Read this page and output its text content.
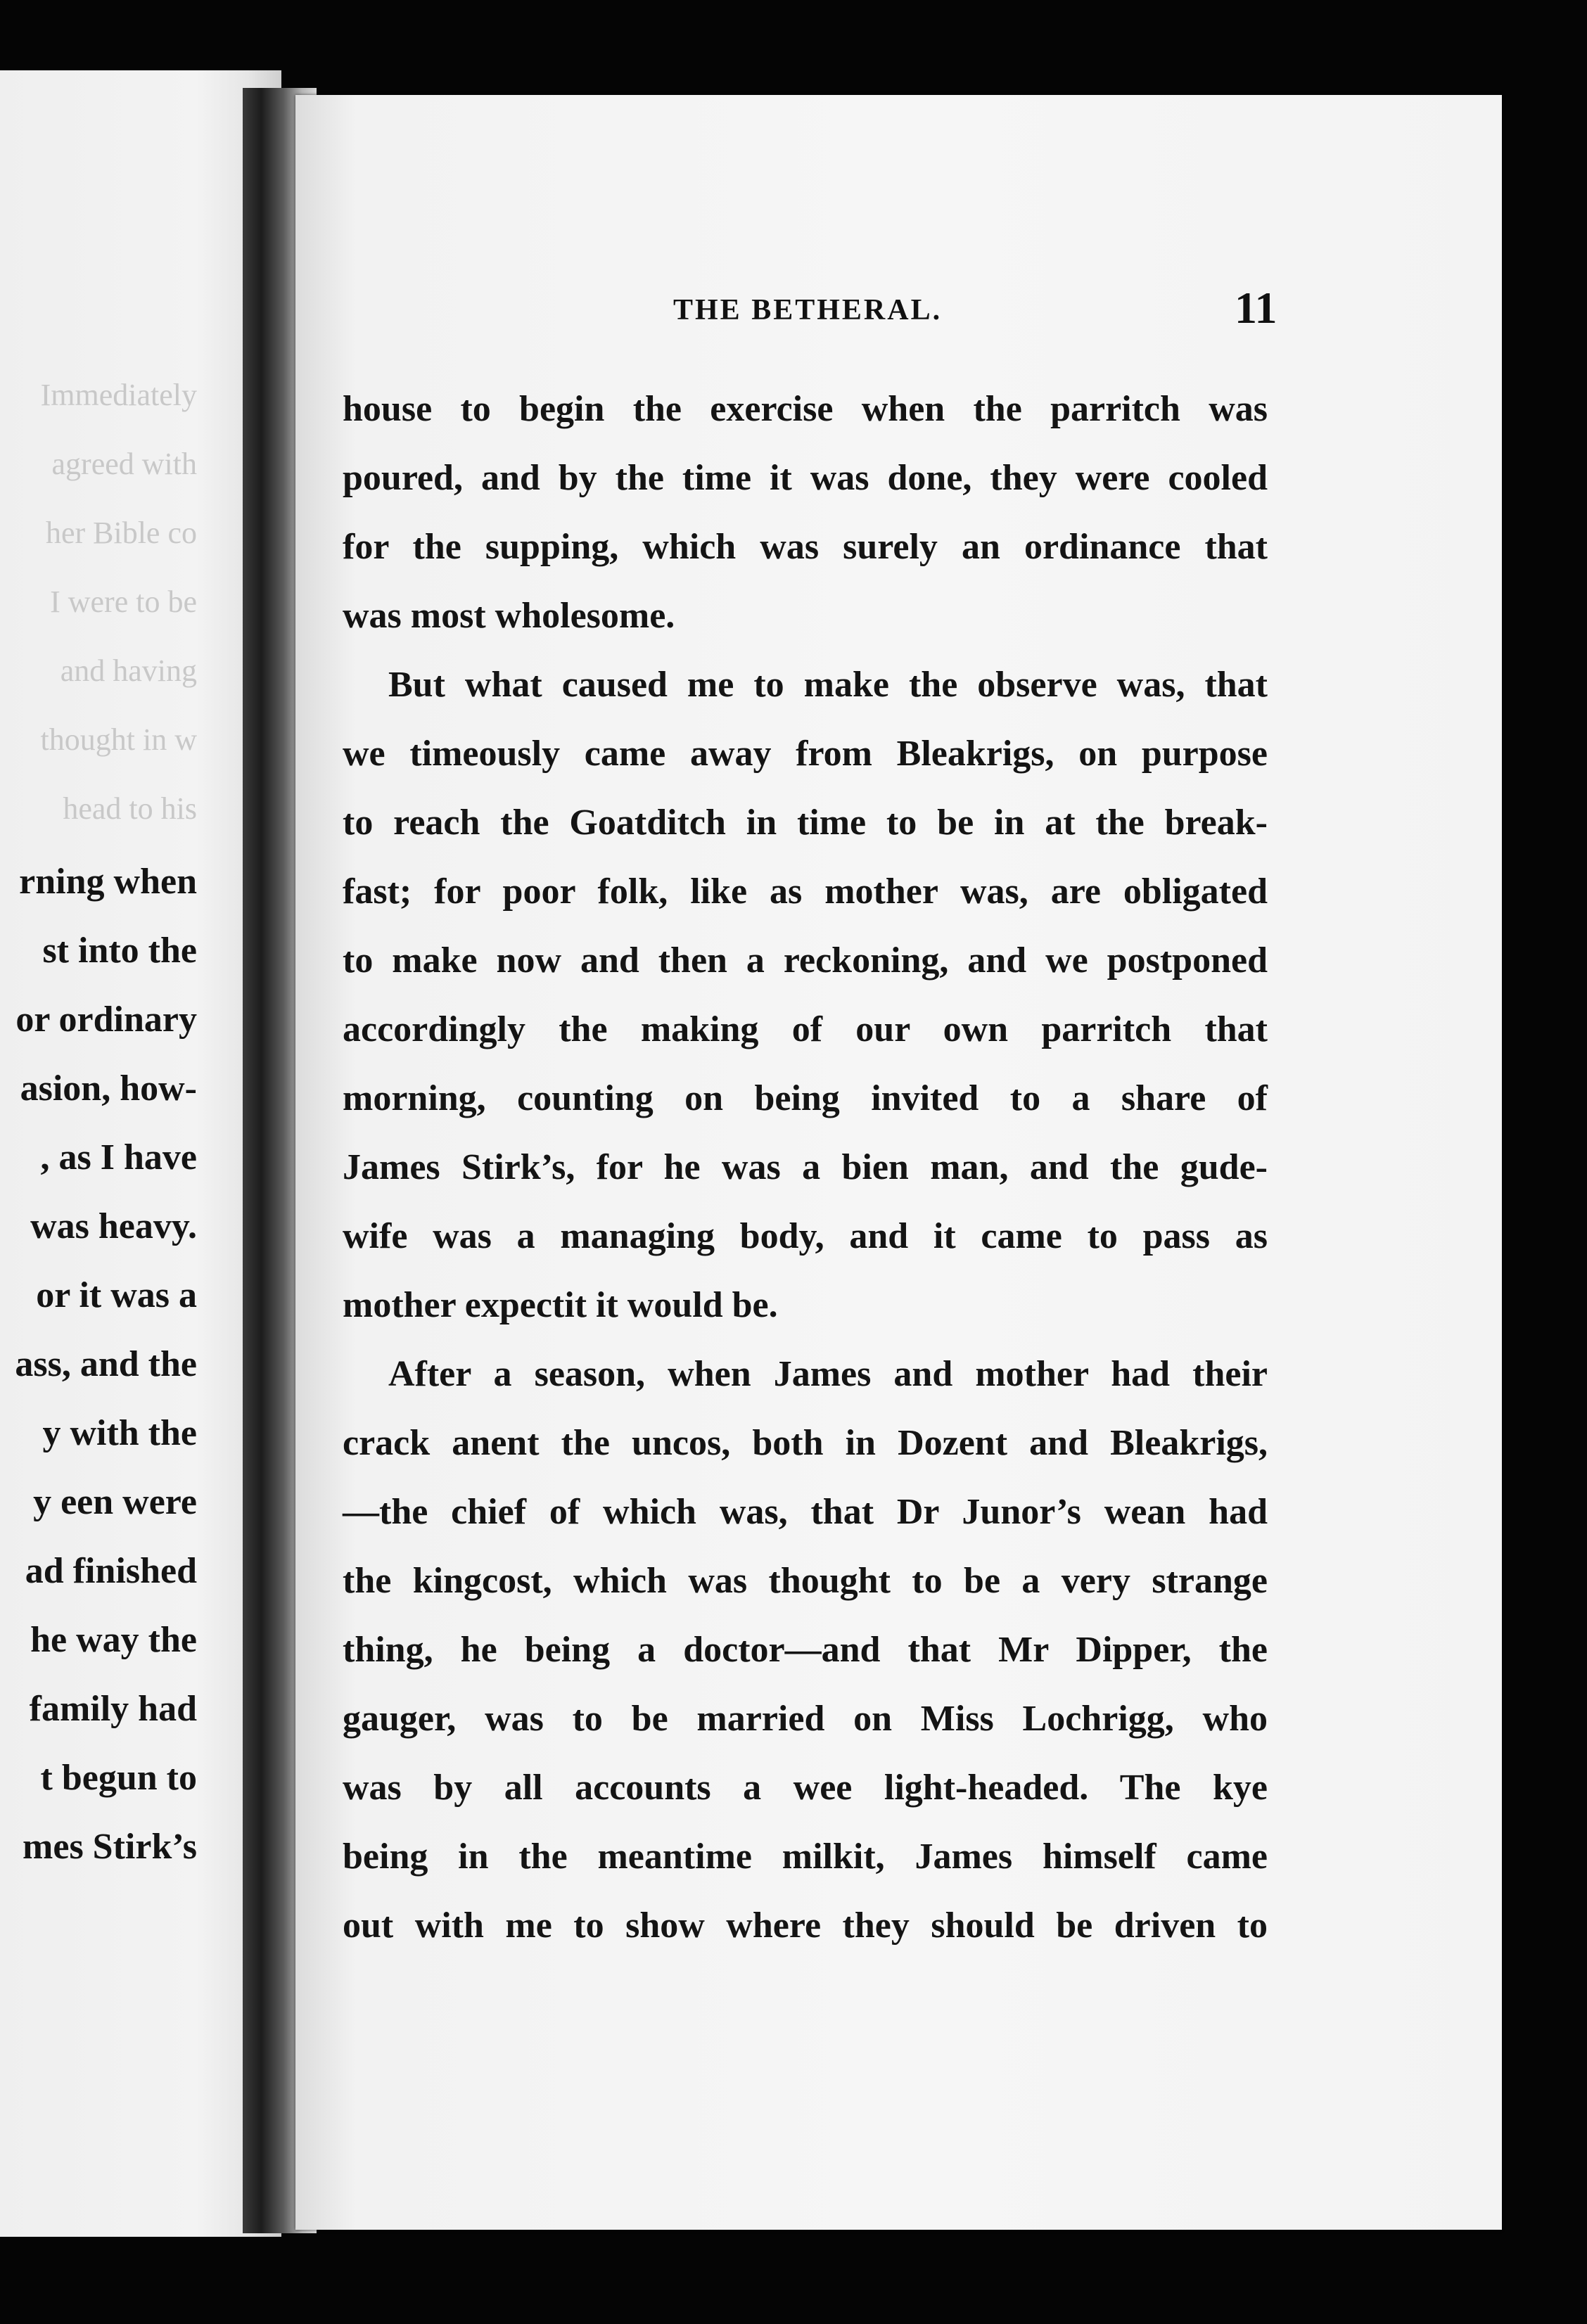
Immediately
agreed with
her Bible co
I were to be
and having
thought in w
head to his
rning when
st into the
or ordinary
asion, how-
, as I have
was heavy.
or it was a
ass, and the
y with the
y een were
ad finished
he way the
family had
t begun to
mes Stirk’s
THE BETHERAL.	11
house to begin the exercise when the parritch was
poured, and by the time it was done, they were cooled
for the supping, which was surely an ordinance that
was most wholesome.
But what caused me to make the observe was, that
we timeously came away from Bleakrigs, on purpose
to reach the Goatditch in time to be in at the break-
fast; for poor folk, like as mother was, are obligated
to make now and then a reckoning, and we postponed
accordingly the making of our own parritch that
morning, counting on being invited to a share of
James Stirk’s, for he was a bien man, and the gude-
wife was a managing body, and it came to pass as
mother expectit it would be.
After a season, when James and mother had their
crack anent the uncos, both in Dozent and Bleakrigs,
—the chief of which was, that Dr Junor’s wean had
the kingcost, which was thought to be a very strange
thing, he being a doctor—and that Mr Dipper, the
gauger, was to be married on Miss Lochrigg, who
was by all accounts a wee light-headed. The kye
being in the meantime milkit, James himself came
out with me to show where they should be driven to
